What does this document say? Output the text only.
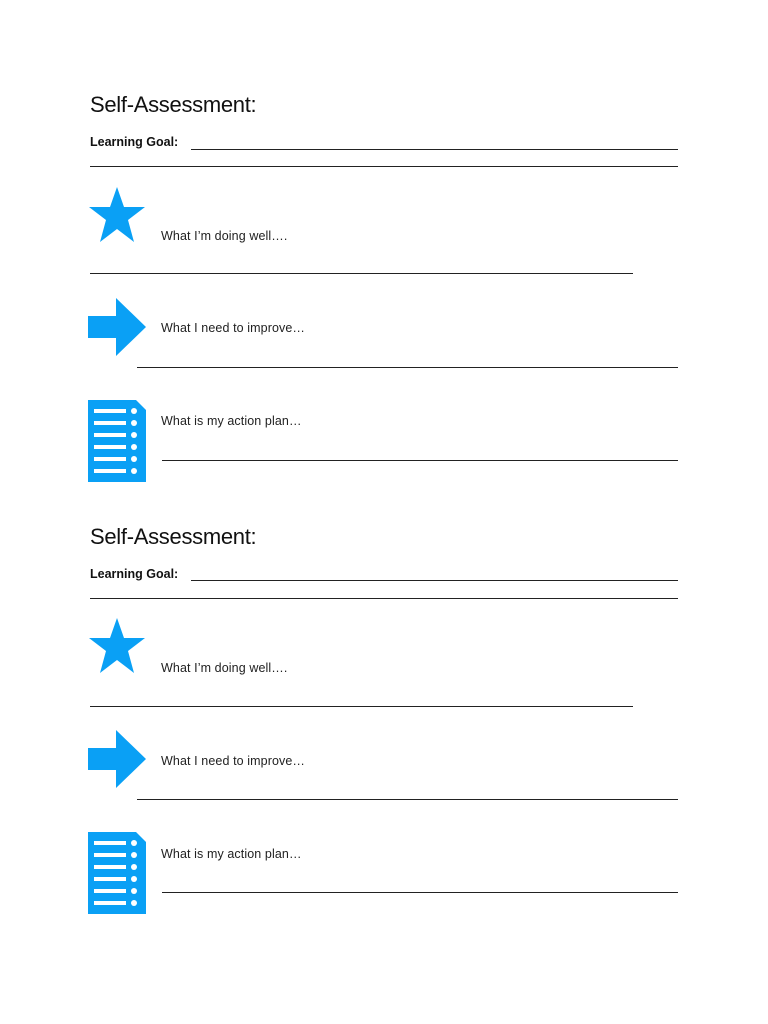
Self-Assessment:
Learning Goal:
What I’m doing well….
What I need to improve…
What is my action plan…
Self-Assessment:
Learning Goal:
What I’m doing well….
What I need to improve…
What is my action plan…
